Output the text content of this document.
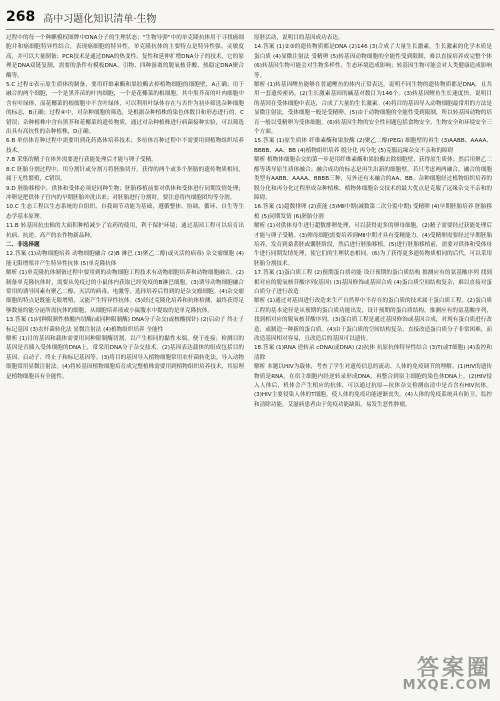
268 高中习题化知识清单·生物

过程中的每一个种麒模权图牌中DNA分子的生理状态；"生物导弹"中的单克隆抗体用于寻找癌细胞并和癌细胞特异性结合，表现癌细胞的特异性，单克隆抗体的主要特点是特异性强、灵敏度高，并可以大量制备；PCR技术是通过DNA的热变性、复性和延伸扩增DNA分子的技术，它的原理是DNA双链复制，需要的条件有模板DNA、引物、四种游离的脱氧核苷酸、热稳定DNA聚合酶等。

5.C 过程①表示原生质体的制备，要用纤维素酶和果胶酶去掉植物细胞的细胞壁，A正确；用于融合的两个细胞，一个是黑芥苗的叶肉细胞，一个是花椰菜的根细胞，其中黑芥苗的叶肉细胞中含有叶绿体，而花椰菜的根细胞中不含叶绿体，可以利用叶绿体存在与否作为初步筛选杂种细胞的标志，B正确；过程④中，对杂种细胞的筛选，是根据杂种植株的染色体数目和形态进行的，C错误；杂种植株中含有黑芥和花椰菜的遗传物质，通过对杂种植株进行病菌接种实验，可以筛选出具有高抗性的杂种植株，D正确。

6.B 单倍体育种过程中需要用到花药离体培养技术；多倍体育种过程中不需要用到植物组织培养技术。

7.B 采集的精子在体外需要进行获能处理后才能与卵子受精。

8.C 胚胎分割过程中，用分割针或分割刀将胚胎切开，获得的两个或多个胚胎的遗传物质相同，属于无性繁殖，C错误。

9.D 胚胎移植中，供体和受体必须是同种生物；胚胎移植前要对供体和受体进行同期发情处理；冲卵是把供体子宫内的早期胚胎冲洗出来；对胚胎进行分割时，要注意将内细胞团均等分割。

10.C 生态工程以生态系统的自组织、自我调节功能为基础，遵循整体、协调、循环、自生等生态学基本原理。

11.B 转基因抗虫棉的大面积种植减少了农药的使用，利于保护环境；通过基因工程可以培育出抗病、抗逆、高产的农作物新品种。

二、非选择题

12.答案 (1)动物细胞培养 动物细胞融合 (2)B 淋巴 (3)聚乙二醇(或灭活的病毒) 杂交瘤细胞 (4)能无限增殖并产生特异性抗体 (5)单克隆抗体

解析 (1)单克隆抗体制备过程中要用到的动物细胞工程技术有动物细胞培养和动物细胞融合。(2)制备单克隆抗体时，需要从免疫过的小鼠体内获取已经免疫的B淋巴细胞。(3)诱导动物细胞融合常用的诱导因素有聚乙二醇、灭活的病毒、电激等，选择培养后得到的是杂交瘤细胞。(4)杂交瘤细胞的特点是既能无限增殖，又能产生特异性抗体。(5)经过克隆化培养和抗体检测，最终获得足够数量的能分泌所需抗体的细胞，从细胞培养液或小鼠腹水中提取的是单克隆抗体。

13.答案 (1)同种限制性核酸内切酶(或同种限制酶) DNA分子杂交(或核酸探针) (2)启动子 终止子 标记基因 (3)农杆菌转化法 显微注射法 (4)植物组织培养 全能性

解析 (1)目的基因和载体需要用同种限制酶切割，以产生相同的黏性末端，便于连接；检测目的基因是否插入受体细胞的DNA上，常采用DNA分子杂交技术。(2)基因表达载体的组成包括目的基因、启动子、终止子和标记基因等。(3)将目的基因导入植物细胞常用农杆菌转化法，导入动物细胞常用显微注射法。(4)将转基因植物细胞培育成完整植株需要用到植物组织培养技术，其原理是植物细胞具有全能性。

原胚活动，说明目的基因成功表达。

14.答案 (1)②③的遗传物质都是DNA (2)146 (3)合成了大量生长激素，生长激素的化学本质是蛋白质 (4)显微注射法 受精卵 (5)转基因动物细胞的全能性受到限制，难以直接培养成完整个体 (6)转基因生物可能会对生物多样性、生态环境造成影响；转基因生物可能会对人类健康造成影响等。

解析 (1)转基因鲤鱼能够在普通鲤鱼的体内正常表达，说明不同生物的遗传物质都是DNA，且共用一套遗传密码。(2)生长激素基因的碱基对数目为146个。(3)转基因鲤鱼生长速度快，说明目的基因在受体细胞中表达，合成了大量的生长激素。(4)将目的基因导入动物细胞最常用的方法是显微注射法，受体细胞一般是受精卵。(5)由于动物细胞的全能性受到限制，所以转基因动物的培育一般以受精卵为受体细胞。(6)转基因生物的安全性问题包括食物安全、生物安全和环境安全三个方面。

15.答案 (1)原生质体 纤维素酶和果胶酶 (2)聚乙二醇(PEG) 细胞壁的再生 (3)AABB、AAAA、BBBB、AA、BB (4)植物组织培养 脱分化 再分化 (5)克服远缘杂交不亲和的障碍

解析 植物体细胞杂交的第一步是用纤维素酶和果胶酶去除细胞壁，获得原生质体；然后用聚乙二醇等诱导原生质体融合；融合成功的标志是再生出新的细胞壁。若只考虑两两融合，融合的细胞类型有AABB、AAAA、BBBB三种，另外还有未融合的AA、BB。杂种细胞经过植物组织培养的脱分化和再分化过程形成杂种植株。植物体细胞杂交技术的最大优点是克服了远缘杂交不亲和的障碍。

16.答案 (1)超数排卵 (2)获能 (3)MⅡ中期(减数第二次分裂中期) 受精卵 (4)早期胚胎培养 胚胎移植 (5)同期发情 (6)胚胎分割

解析 (1)对供体母牛进行超数排卵处理，可以获得更多的卵母细胞。(2)精子需要经过获能处理后才能与卵子受精。(3)卵母细胞需要培养到MⅡ中期才具有受精能力。(4)受精卵需要经过早期胚胎培养，发育到桑葚胚或囊胚阶段，然后进行胚胎移植。(5)进行胚胎移植前，需要对供体和受体母牛进行同期发情处理，使它们的生理状态相同。(6)为了获得更多遗传物质相同的后代，可以采用胚胎分割技术。

17.答案 (1)蛋白质工程 (2)预期蛋白质功能 设计预期的蛋白质结构 推测应有的氨基酸序列 找到相对应的脱氧核苷酸序列(基因) (3)基因修饰或基因合成 (4)蛋白质空间结构复杂，难以直接对蛋白质分子进行改造

解析 (1)通过对基因进行改造来生产自然界中不存在的蛋白质的技术属于蛋白质工程。(2)蛋白质工程的基本途径是从预期的蛋白质功能出发，设计预期的蛋白质结构，推测应有的氨基酸序列，找到相对应的脱氧核苷酸序列。(3)蛋白质工程是通过基因修饰或基因合成，对现有蛋白质进行改造，或制造一种新的蛋白质。(4)由于蛋白质的空间结构复杂，直接改造蛋白质分子非常困难，而改造基因相对容易，且改造后的基因可以遗传。

18.答案 (1)RNA 逆转录 cDNA(或DNA) (2)抗体 抗原抗体特异性结合 (3)T(或T细胞) (4)监控和清除

解析 本题以HIV为载体，考查了学生对遗传信息的流动、人体的免疫调节的理解。(1)HIV的遗传物质是RNA，在宿主细胞内经逆转录形成DNA，再整合到宿主细胞的染色体DNA上。(2)HIV侵入人体后，机体会产生相应的抗体，可以通过抗原—抗体杂交检测血清中是否含有HIV抗体。(3)HIV主要侵染人体的T细胞，使人体的免疫功能逐渐丧失。(4)人体的免疫系统具有防卫、监控和清除功能，艾滋病患者由于免疫功能缺陷，易发生恶性肿瘤。

答案圈
MXQE.COM
